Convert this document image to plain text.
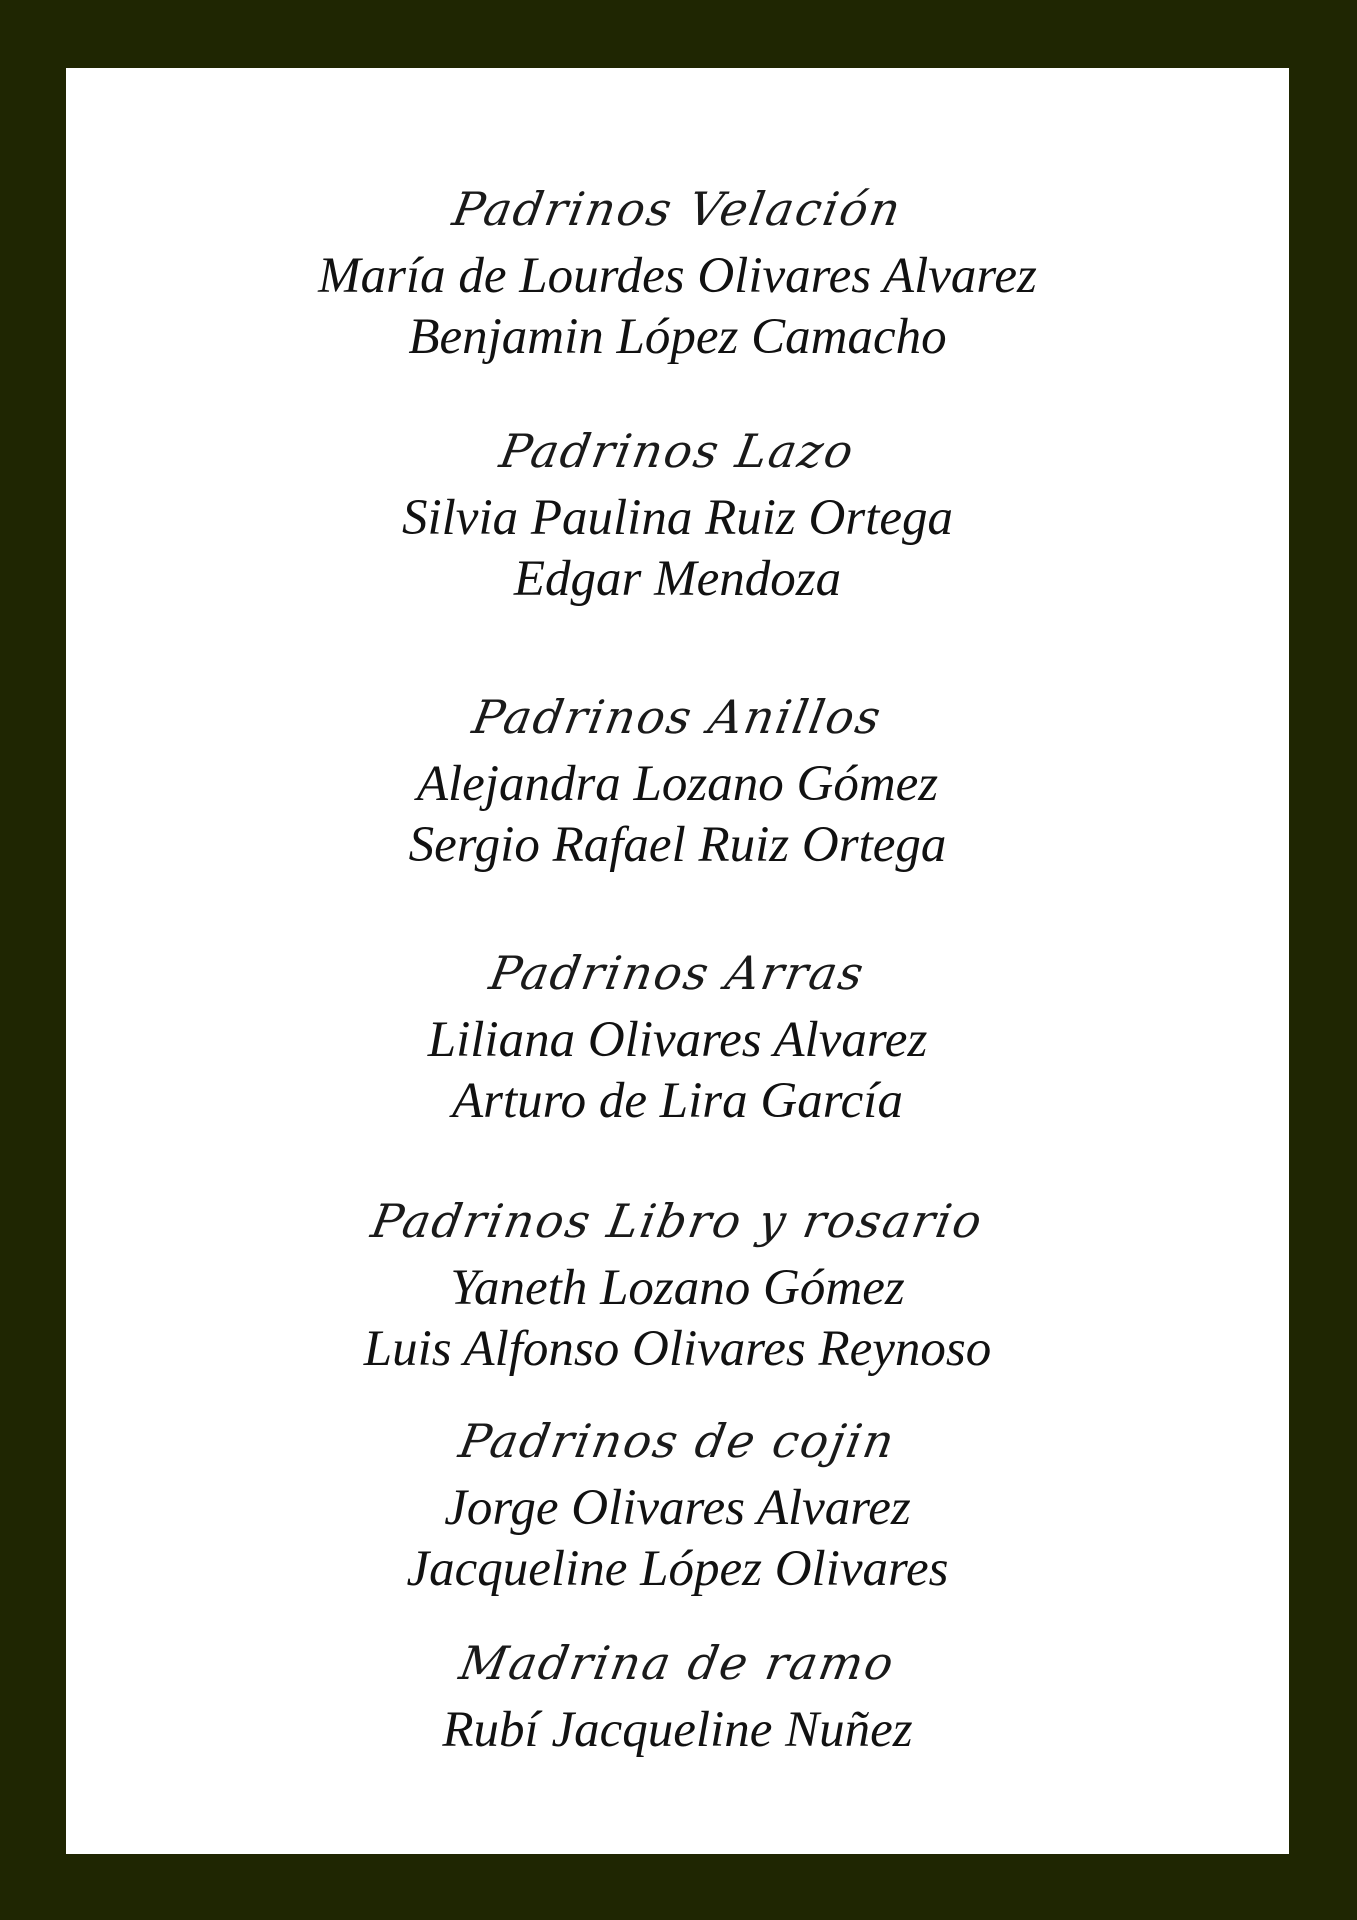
Padrinos Velación
María de Lourdes Olivares Alvarez
Benjamin López Camacho
Padrinos Lazo
Silvia Paulina Ruiz Ortega
Edgar Mendoza
Padrinos Anillos
Alejandra Lozano Gómez
Sergio Rafael Ruiz Ortega
Padrinos Arras
Liliana Olivares Alvarez
Arturo de Lira García
Padrinos Libro y rosario
Yaneth Lozano Gómez
Luis Alfonso Olivares Reynoso
Padrinos de cojin
Jorge Olivares Alvarez
Jacqueline López Olivares
Madrina de ramo
Rubí Jacqueline Nuñez
